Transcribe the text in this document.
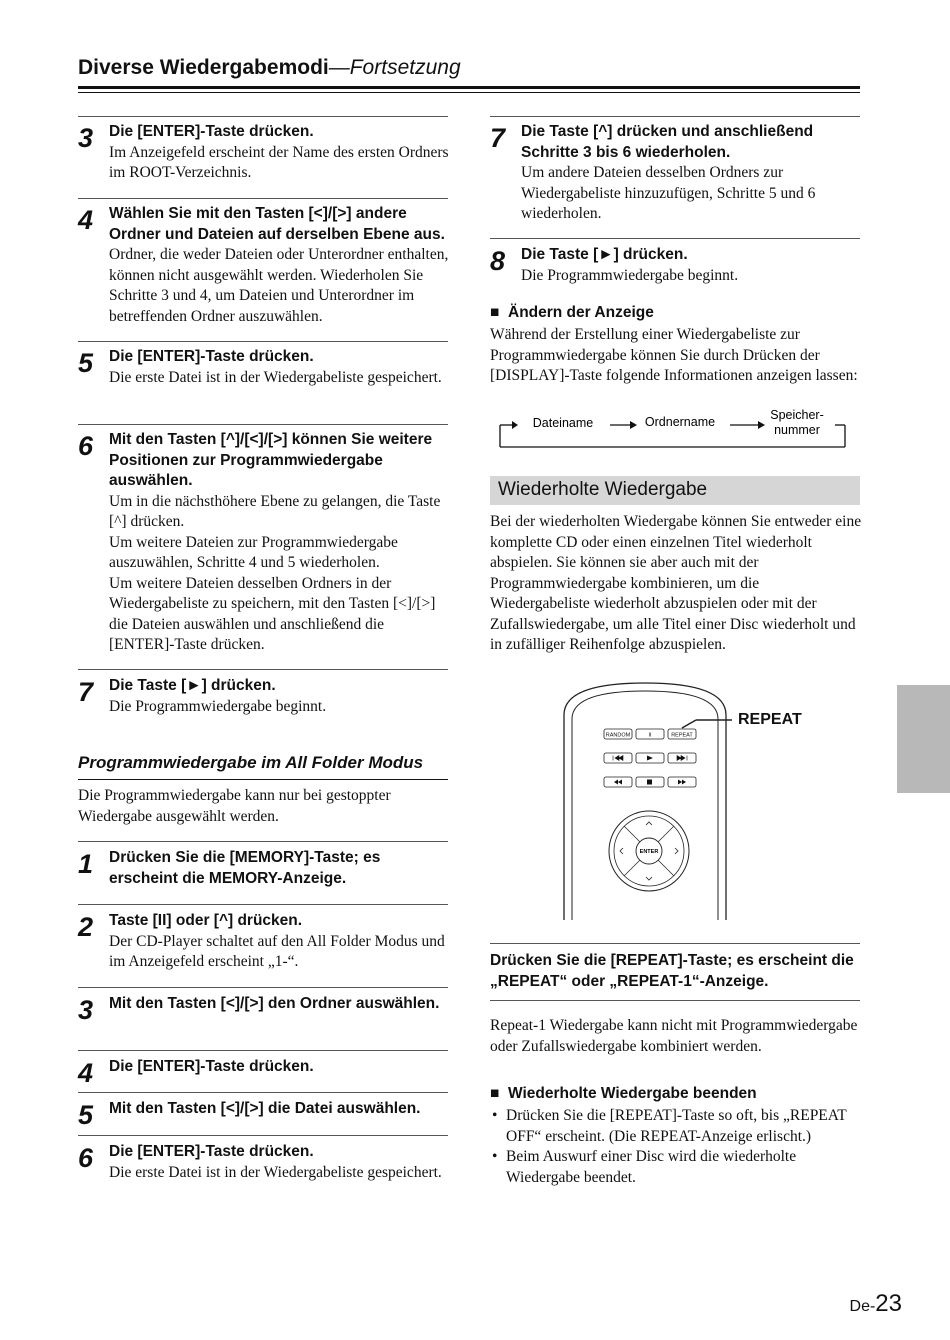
Diverse Wiedergabemodi—Fortsetzung
3 Die [ENTER]-Taste drücken.
Im Anzeigefeld erscheint der Name des ersten Ordners im ROOT-Verzeichnis.
4 Wählen Sie mit den Tasten [<]/[>] andere Ordner und Dateien auf derselben Ebene aus.
Ordner, die weder Dateien oder Unterordner enthalten, können nicht ausgewählt werden. Wiederholen Sie Schritte 3 und 4, um Dateien und Unterordner im betreffenden Ordner auszuwählen.
5 Die [ENTER]-Taste drücken.
Die erste Datei ist in der Wiedergabeliste gespeichert.
6 Mit den Tasten [^]/[<]/[>] können Sie weitere Positionen zur Programmwiedergabe auswählen.
Um in die nächsthöhere Ebene zu gelangen, die Taste [^] drücken.
Um weitere Dateien zur Programmwiedergabe auszuwählen, Schritte 4 und 5 wiederholen.
Um weitere Dateien desselben Ordners in der Wiedergabeliste zu speichern, mit den Tasten [<]/[>] die Dateien auswählen und anschließend die [ENTER]-Taste drücken.
7 Die Taste [►] drücken.
Die Programmwiedergabe beginnt.
Programmwiedergabe im All Folder Modus
Die Programmwiedergabe kann nur bei gestoppter Wiedergabe ausgewählt werden.
1 Drücken Sie die [MEMORY]-Taste; es erscheint die MEMORY-Anzeige.
2 Taste [II] oder [^] drücken.
Der CD-Player schaltet auf den All Folder Modus und im Anzeigefeld erscheint „1-“.
3 Mit den Tasten [<]/[>] den Ordner auswählen.
4 Die [ENTER]-Taste drücken.
5 Mit den Tasten [<]/[>] die Datei auswählen.
6 Die [ENTER]-Taste drücken.
Die erste Datei ist in der Wiedergabeliste gespeichert.
7 Die Taste [^] drücken und anschließend Schritte 3 bis 6 wiederholen.
Um andere Dateien desselben Ordners zur Wiedergabeliste hinzuzufügen, Schritte 5 und 6 wiederholen.
8 Die Taste [►] drücken.
Die Programmwiedergabe beginnt.
■ Ändern der Anzeige
Während der Erstellung einer Wiedergabeliste zur Programmwiedergabe können Sie durch Drücken der [DISPLAY]-Taste folgende Informationen anzeigen lassen:
Dateiname	Ordnername	Speicher-
nummer
Wiederholte Wiedergabe
Bei der wiederholten Wiedergabe können Sie entweder eine komplette CD oder einen einzelnen Titel wiederholt abspielen. Sie können sie aber auch mit der Programmwiedergabe kombinieren, um die Wiedergabeliste wiederholt abzuspielen oder mit der Zufallswiedergabe, um alle Titel einer Disc wiederholt und in zufälliger Reihenfolge abzuspielen.
RANDOM	II	REPEAT
ENTER
REPEAT
Drücken Sie die [REPEAT]-Taste; es erscheint die „REPEAT“ oder „REPEAT-1“-Anzeige.
Repeat-1 Wiedergabe kann nicht mit Programmwiedergabe oder Zufallswiedergabe kombiniert werden.
■ Wiederholte Wiedergabe beenden
• Drücken Sie die [REPEAT]-Taste so oft, bis „REPEAT OFF“ erscheint. (Die REPEAT-Anzeige erlischt.)
• Beim Auswurf einer Disc wird die wiederholte Wiedergabe beendet.
De-23
